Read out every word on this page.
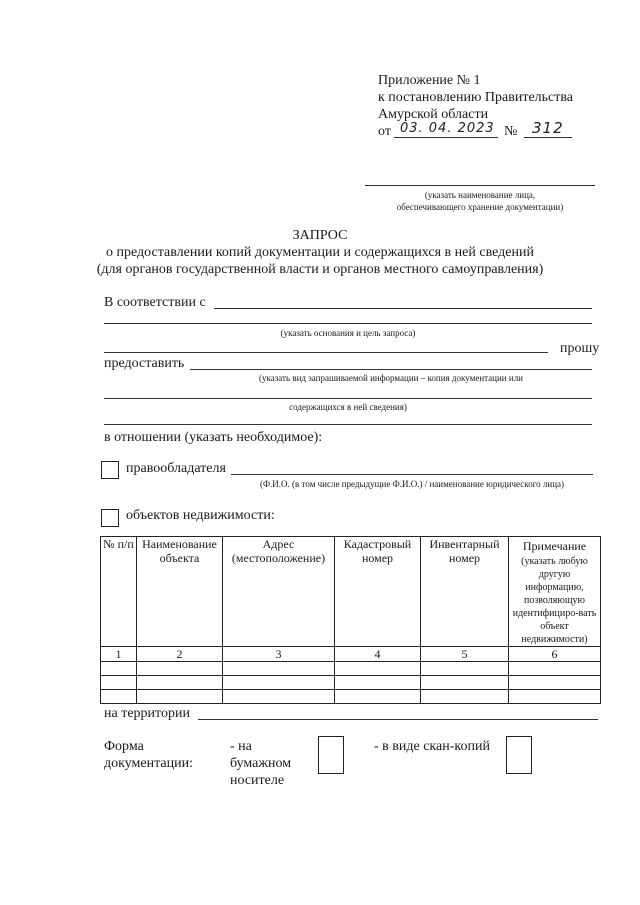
Приложение № 1
к постановлению Правительства
Амурской области
от 03. 04. 2023 № 312
(указать наименование лица,
обеспечивающего хранение документации)
ЗАПРОС
о предоставлении копий документации и содержащихся в ней сведений
(для органов государственной власти и органов местного самоуправления)
В соответствии с
(указать основания и цель запроса)
прошу
предоставить
(указать вид запрашиваемой информации – копия документации или
содержащихся в ней сведения)
в отношении (указать необходимое):
правообладателя
(Ф.И.О. (в том числе предыдущие Ф.И.О.) / наименование юридического лица)
объектов недвижимости:
№ п/п	Наименование объекта	Адрес (местоположение)	Кадастровый номер	Инвентарный номер	Примечание
(указать любую другую информацию, позволяющую идентифициро-вать объект недвижимости)

1	2	3	4	5	6

на территории
Форма
документации:
- на
бумажном
носителе
- в виде скан-копий
